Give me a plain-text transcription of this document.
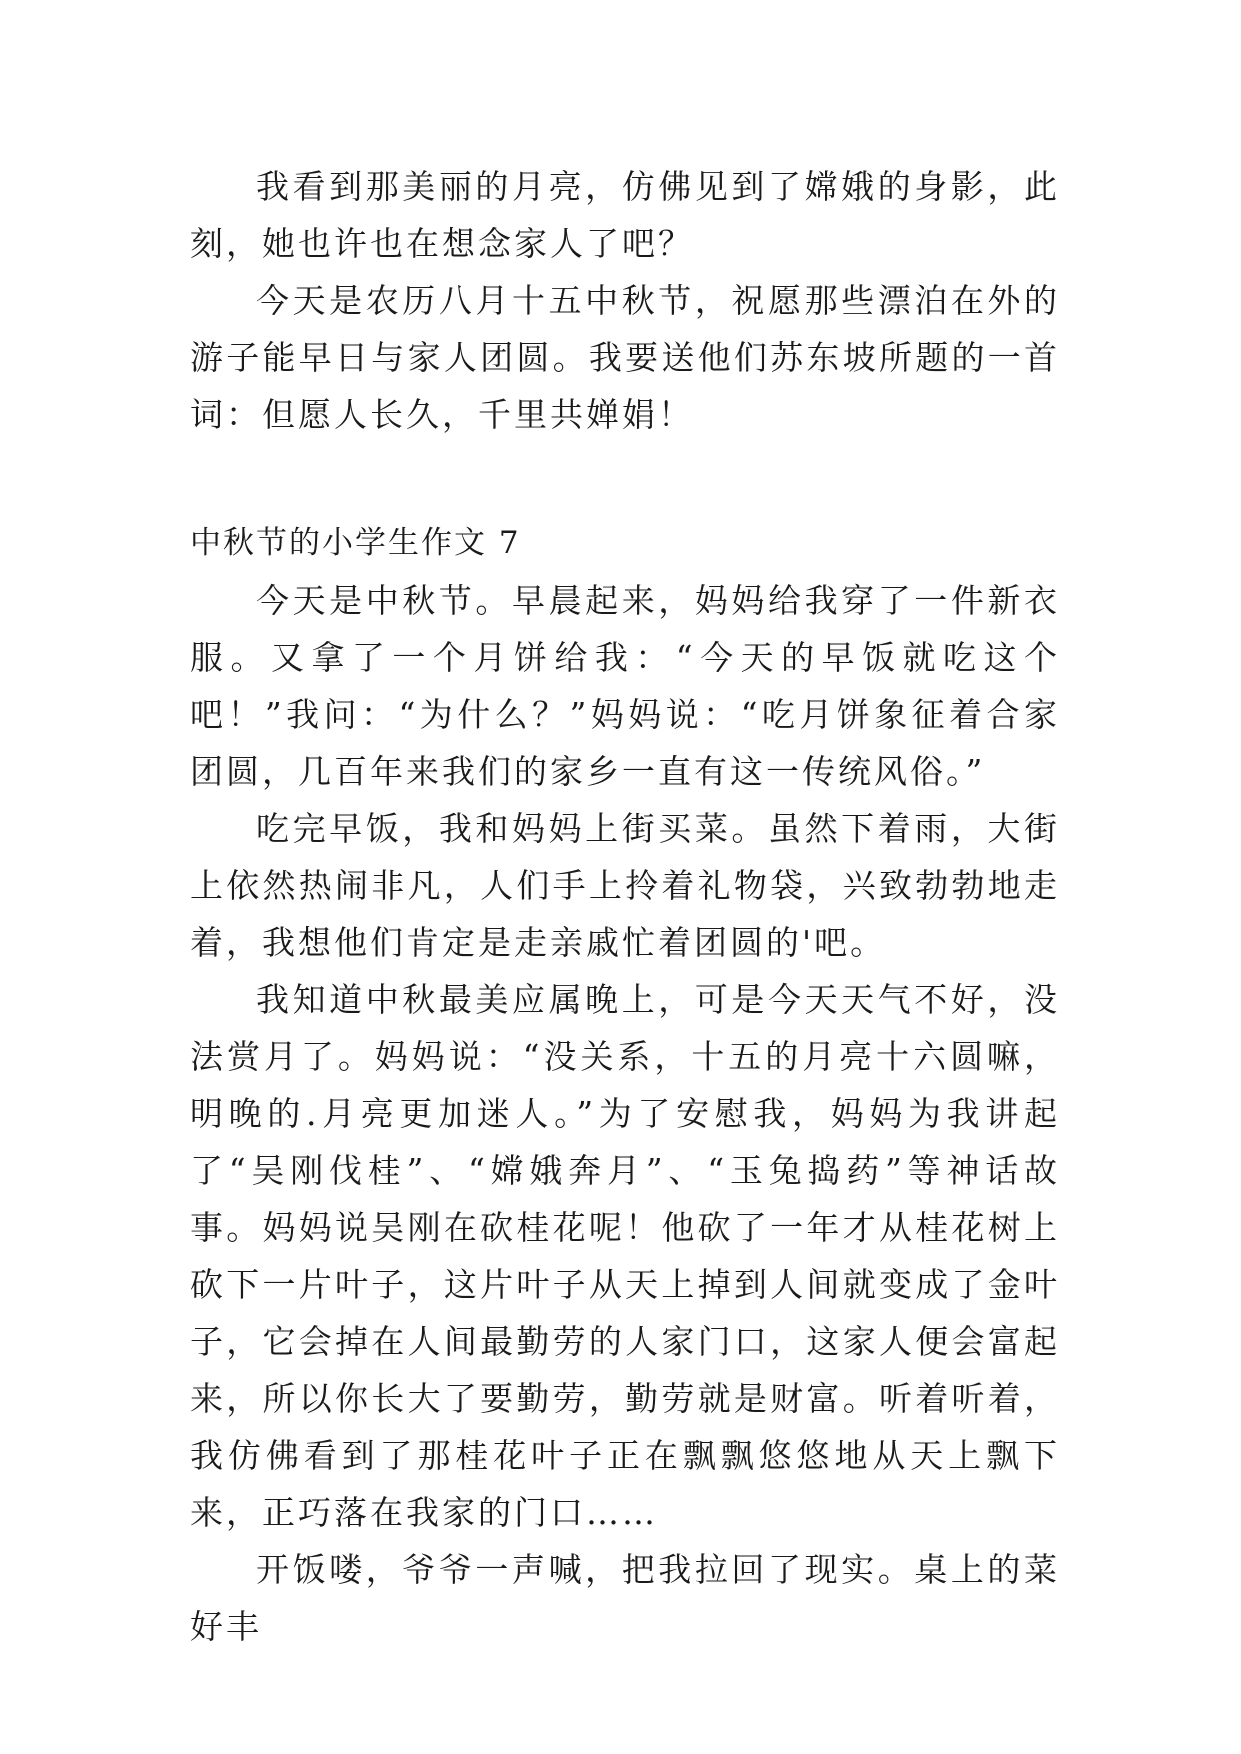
我看到那美丽的月亮，仿佛见到了嫦娥的身影，此刻，她也许也在想念家人了吧？

今天是农历八月十五中秋节，祝愿那些漂泊在外的游子能早日与家人团圆。我要送他们苏东坡所题的一首词：但愿人长久，千里共婵娟！

中秋节的小学生作文 7

今天是中秋节。早晨起来，妈妈给我穿了一件新衣服。又拿了一个月饼给我：“今天的早饭就吃这个吧！”我问：“为什么？”妈妈说：“吃月饼象征着合家团圆，几百年来我们的家乡一直有这一传统风俗。”

吃完早饭，我和妈妈上街买菜。虽然下着雨，大街上依然热闹非凡，人们手上拎着礼物袋，兴致勃勃地走着，我想他们肯定是走亲戚忙着团圆的'吧。

我知道中秋最美应属晚上，可是今天天气不好，没法赏月了。妈妈说：“没关系，十五的月亮十六圆嘛，明晚的.月亮更加迷人。”为了安慰我，妈妈为我讲起了“吴刚伐桂”、“嫦娥奔月”、“玉兔捣药”等神话故事。妈妈说吴刚在砍桂花呢！他砍了一年才从桂花树上砍下一片叶子，这片叶子从天上掉到人间就变成了金叶子，它会掉在人间最勤劳的人家门口，这家人便会富起来，所以你长大了要勤劳，勤劳就是财富。听着听着，我仿佛看到了那桂花叶子正在飘飘悠悠地从天上飘下来，正巧落在我家的门口……

开饭喽，爷爷一声喊，把我拉回了现实。桌上的菜好丰
